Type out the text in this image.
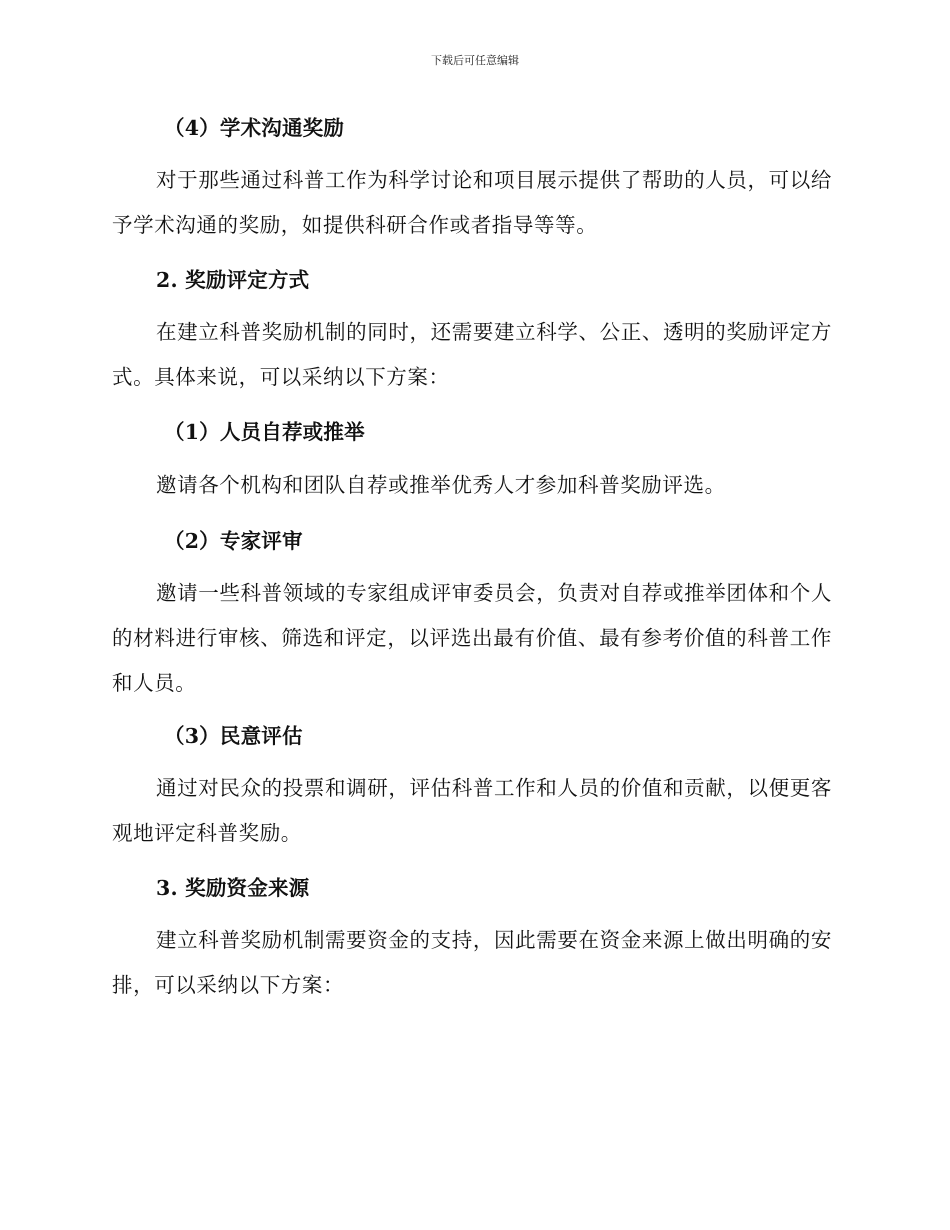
下载后可任意编辑
（4）学术沟通奖励
对于那些通过科普工作为科学讨论和项目展示提供了帮助的人员，可以给予学术沟通的奖励，如提供科研合作或者指导等等。
2. 奖励评定方式
在建立科普奖励机制的同时，还需要建立科学、公正、透明的奖励评定方式。具体来说，可以采纳以下方案：
（1）人员自荐或推举
邀请各个机构和团队自荐或推举优秀人才参加科普奖励评选。
（2）专家评审
邀请一些科普领域的专家组成评审委员会，负责对自荐或推举团体和个人的材料进行审核、筛选和评定，以评选出最有价值、最有参考价值的科普工作和人员。
（3）民意评估
通过对民众的投票和调研，评估科普工作和人员的价值和贡献，以便更客观地评定科普奖励。
3. 奖励资金来源
建立科普奖励机制需要资金的支持，因此需要在资金来源上做出明确的安排，可以采纳以下方案：
